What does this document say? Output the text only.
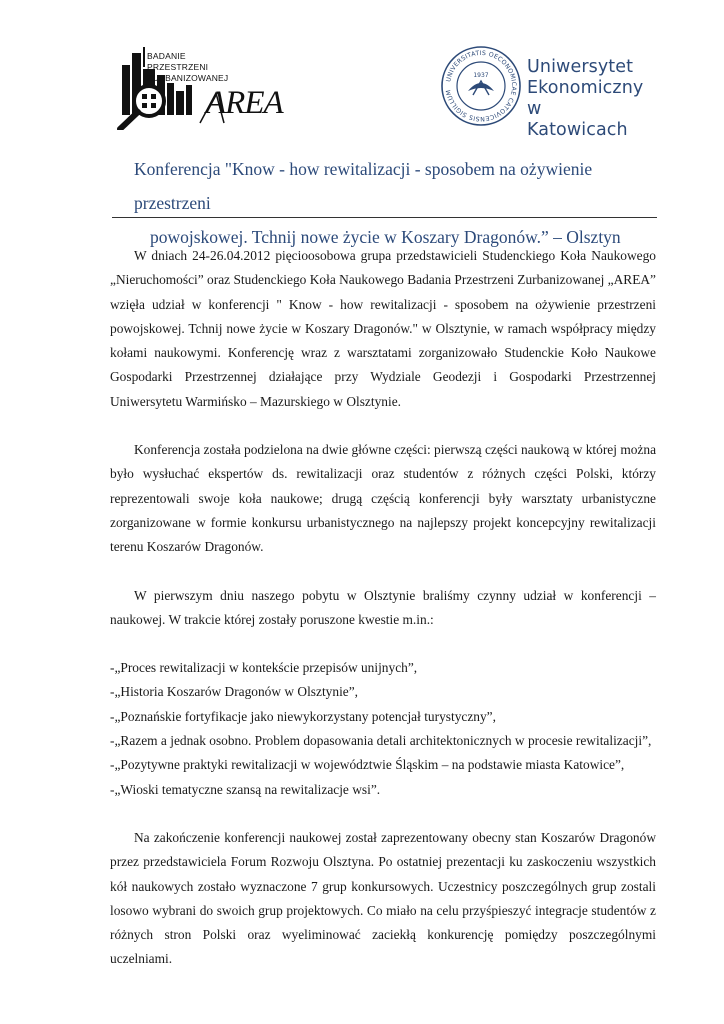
BADANIE
PRZESTRZENI
ZURBANIZOWANEJ
AREA
UNIVERSITATIS OECONOMICAE CATOVICENSIS SIGILLUM
1937 Uniwersytet
Ekonomiczny
w Katowicach
Konferencja "Know - how rewitalizacji - sposobem na ożywienie przestrzeni
powojskowej. Tchnij nowe życie w Koszary Dragonów.” – Olsztyn

W dniach 24-26.04.2012 pięcioosobowa grupa przedstawicieli Studenckiego Koła Naukowego „Nieruchomości” oraz Studenckiego Koła Naukowego Badania Przestrzeni Zurbanizowanej „AREA” wzięła udział w konferencji " Know - how rewitalizacji - sposobem na ożywienie przestrzeni powojskowej. Tchnij nowe życie w Koszary Dragonów." w Olsztynie, w ramach współpracy między kołami naukowymi. Konferencję wraz z warsztatami zorganizowało Studenckie Koło Naukowe Gospodarki Przestrzennej działające przy Wydziale Geodezji i Gospodarki Przestrzennej Uniwersytetu Warmińsko – Mazurskiego w Olsztynie.

Konferencja została podzielona na dwie główne części: pierwszą części naukową w której można było wysłuchać ekspertów ds. rewitalizacji oraz studentów z różnych części Polski, którzy reprezentowali swoje koła naukowe; drugą częścią konferencji były warsztaty urbanistyczne zorganizowane w formie konkursu urbanistycznego na najlepszy projekt koncepcyjny rewitalizacji terenu Koszarów Dragonów.

W pierwszym dniu naszego pobytu w Olsztynie braliśmy czynny udział w konferencji – naukowej. W trakcie której zostały poruszone kwestie m.in.:

-„Proces rewitalizacji w kontekście przepisów unijnych”,
-„Historia Koszarów Dragonów w Olsztynie”,
-„Poznańskie fortyfikacje jako niewykorzystany potencjał turystyczny”,
-„Razem a jednak osobno. Problem dopasowania detali architektonicznych w procesie rewitalizacji”,
-„Pozytywne praktyki rewitalizacji w województwie Śląskim – na podstawie miasta Katowice”,
-„Wioski tematyczne szansą na rewitalizacje wsi”.

Na zakończenie konferencji naukowej został zaprezentowany obecny stan Koszarów Dragonów przez przedstawiciela Forum Rozwoju Olsztyna. Po ostatniej prezentacji ku zaskoczeniu wszystkich kół naukowych zostało wyznaczone 7 grup konkursowych. Uczestnicy poszczególnych grup zostali losowo wybrani do swoich grup projektowych. Co miało na celu przyśpieszyć integracje studentów z różnych stron Polski oraz wyeliminować zaciekłą konkurencję pomiędzy poszczególnymi uczelniami.
